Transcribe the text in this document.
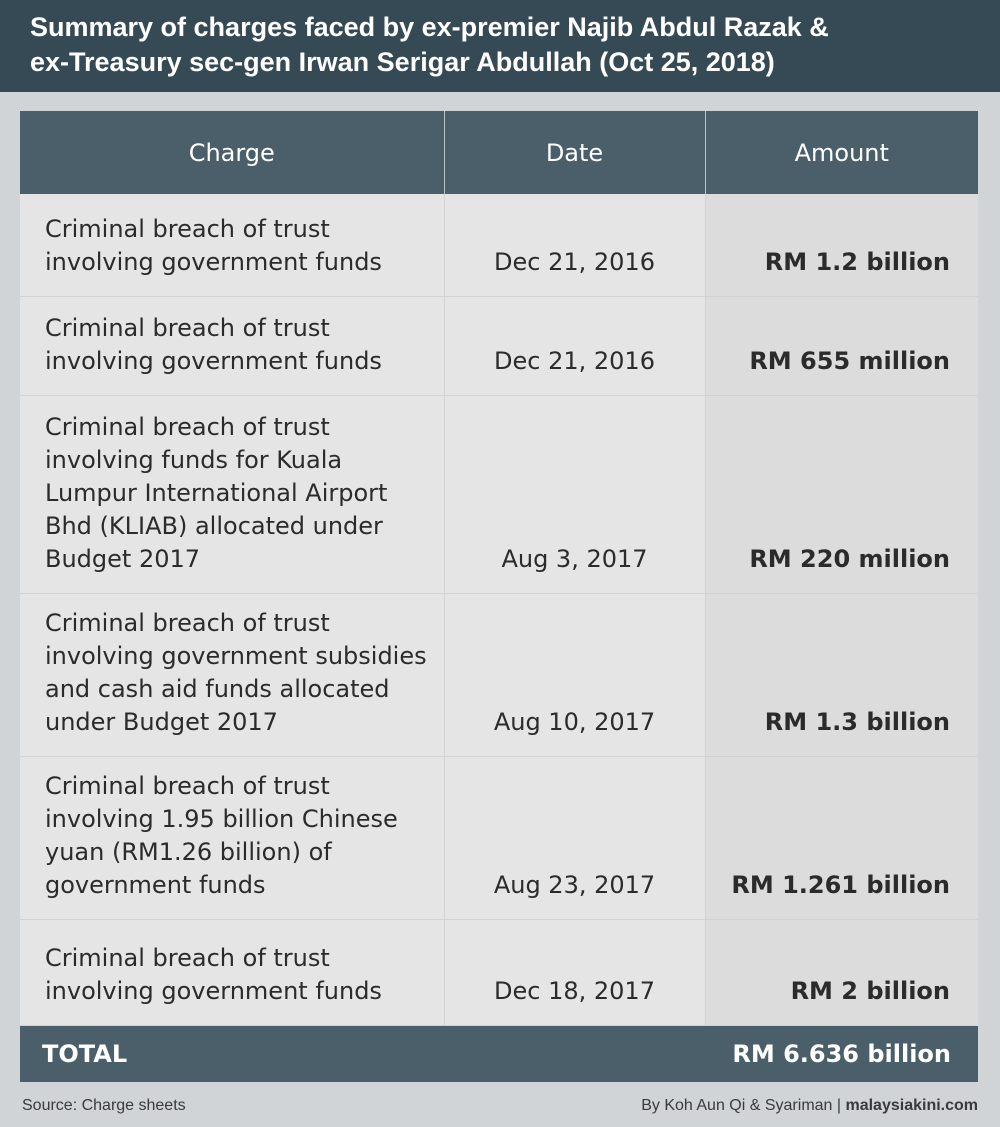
Summary of charges faced by ex-premier Najib Abdul Razak &
ex-Treasury sec-gen Irwan Serigar Abdullah (Oct 25, 2018)
Charge	Date	Amount
Criminal breach of trust involving government funds	Dec 21, 2016	RM 1.2 billion
Criminal breach of trust involving government funds	Dec 21, 2016	RM 655 million
Criminal breach of trust involving funds for Kuala Lumpur International Airport Bhd (KLIAB) allocated under Budget 2017	Aug 3, 2017	RM 220 million
Criminal breach of trust involving government subsidies and cash aid funds allocated under Budget 2017	Aug 10, 2017	RM 1.3 billion
Criminal breach of trust involving 1.95 billion Chinese yuan (RM1.26 billion) of government funds	Aug 23, 2017	RM 1.261 billion
Criminal breach of trust involving government funds	Dec 18, 2017	RM 2 billion
TOTAL		RM 6.636 billion
Source: Charge sheets	By Koh Aun Qi & Syariman | malaysiakini.com
